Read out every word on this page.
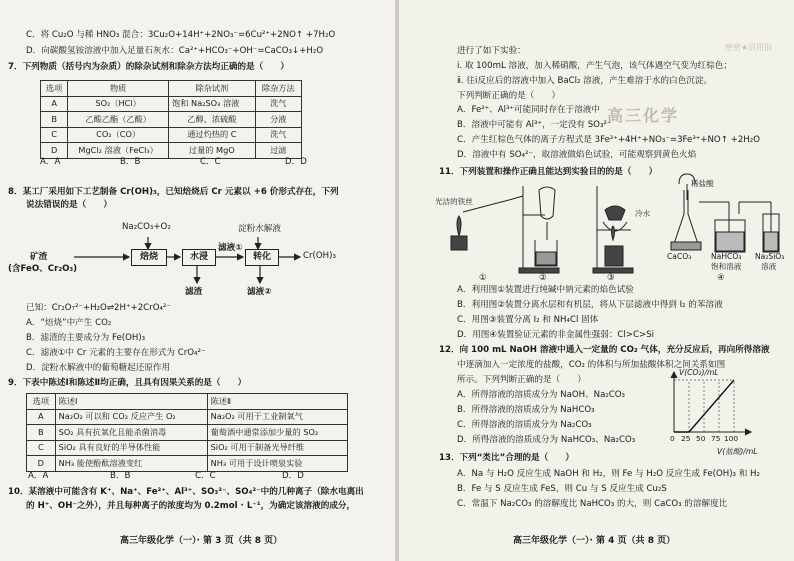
C．将 Cu₂O 与稀 HNO₃ 混合：3Cu₂O+14H⁺+2NO₃⁻=6Cu²⁺+2NO↑ +7H₂O
D．向碳酸氢铵溶液中加入足量石灰水：Ca²⁺+HCO₃⁻+OH⁻=CaCO₃↓+H₂O
7．下列物质（括号内为杂质）的除杂试剂和除杂方法均正确的是（　　）
选项	物质	除杂试剂	除杂方法
A	SO₂（HCl）	饱和 Na₂SO₃ 溶液	洗气
B	乙酸乙酯（乙酸）	乙醇、浓硫酸	分液
C	CO₂（CO）	通过灼热的 C	洗气
D	MgCl₂ 溶液（FeCl₃）	过量的 MgO	过滤
A．A	B．B	C．C	D．D
8．某工厂采用如下工艺制备 Cr(OH)₃，已知焙烧后 Cr 元素以 +6 价形式存在，下列
说法错误的是（　　）
Na₂CO₃+O₂	淀粉水解液
矿渣
(含FeO、Cr₂O₃)
焙烧	水浸
滤液①
转化	Cr(OH)₃
滤渣	滤液②
已知：Cr₂O₇²⁻+H₂O⇌2H⁺+2CrO₄²⁻
A．“焙烧”中产生 CO₂
B．滤渣的主要成分为 Fe(OH)₃
C．滤液①中 Cr 元素的主要存在形式为 CrO₄²⁻
D．淀粉水解液中的葡萄糖起还原作用
9．下表中陈述Ⅰ和陈述Ⅱ均正确，且具有因果关系的是（　　）
选项	陈述Ⅰ	陈述Ⅱ
A	Na₂O₂ 可以和 CO₂ 反应产生 O₂	Na₂O₂ 可用于工业制氧气
B	SO₂ 具有抗氧化且能杀菌消毒	葡萄酒中通常添加少量的 SO₂
C	SiO₂ 具有良好的半导体性能	SiO₂ 可用于制备光导纤维
D	NH₃ 能使酚酞溶液变红	NH₃ 可用于设计喷泉实验
A．A	B．B	C．C	D．D
10．某溶液中可能含有 K⁺、Na⁺、Fe²⁺、Al³⁺、SO₃²⁻、SO₄²⁻中的几种离子（除水电离出
的 H⁺、OH⁻之外），并且每种离子的浓度均为 0.2mol · L⁻¹，为确定该溶液的成分，
高三年级化学（一）· 第 3 页（共 8 页）
高三化学
绝密★启用前
进行了如下实验：
ⅰ. 取 100mL 溶液，加入稀硝酸，产生气泡，该气体遇空气变为红棕色；
ⅱ. 往ⅰ反应后的溶液中加入 BaCl₂ 溶液，产生难溶于水的白色沉淀。
下列判断正确的是（　　）
A．Fe²⁺、Al³⁺可能同时存在于溶液中
B．溶液中可能有 Al³⁺，一定没有 SO₃²⁻
C．产生红棕色气体的离子方程式是 3Fe²⁺+4H⁺+NO₃⁻=3Fe³⁺+NO↑ +2H₂O
D．溶液中有 SO₄²⁻，取溶液做焰色试验，可能观察到黄色火焰
11．下列装置和操作正确且能达到实验目的的是（　　）
光洁的铁丝
稀盐酸
冷水
CaCO₃	NaHCO₃
饱和溶液
Na₂SiO₃
溶液
①	②	③	④
A．利用图①装置进行纯碱中钠元素的焰色试验
B．利用图②装置分离水层和有机层，将从下层滤液中得到 I₂ 的苯溶液
C．用图③装置分离 I₂ 和 NH₄Cl 固体
D．用图④装置验证元素的非金属性强弱：Cl>C>Si
12．向 100 mL NaOH 溶液中通入一定量的 CO₂ 气体，充分反应后，再向所得溶液
中逐滴加入一定浓度的盐酸，CO₂ 的体积与所加盐酸体积之间关系如图
所示。下列判断正确的是（　　）
A．所得溶液的溶质成分为 NaOH、Na₂CO₃
B．所得溶液的溶质成分为 NaHCO₃
C．所得溶液的溶质成分为 Na₂CO₃
D．所得溶液的溶质成分为 NaHCO₃、Na₂CO₃
V(CO₂)/mL
V(盐酸)/mL
0 25 50 75 100
13．下列“类比”合理的是（　　）
A．Na 与 H₂O 反应生成 NaOH 和 H₂，则 Fe 与 H₂O 反应生成 Fe(OH)₃ 和 H₂
B．Fe 与 S 反应生成 FeS，则 Cu 与 S 反应生成 Cu₂S
C．常温下 Na₂CO₃ 的溶解度比 NaHCO₃ 的大，则 CaCO₃ 的溶解度比
高三年级化学（一）· 第 4 页（共 8 页）
